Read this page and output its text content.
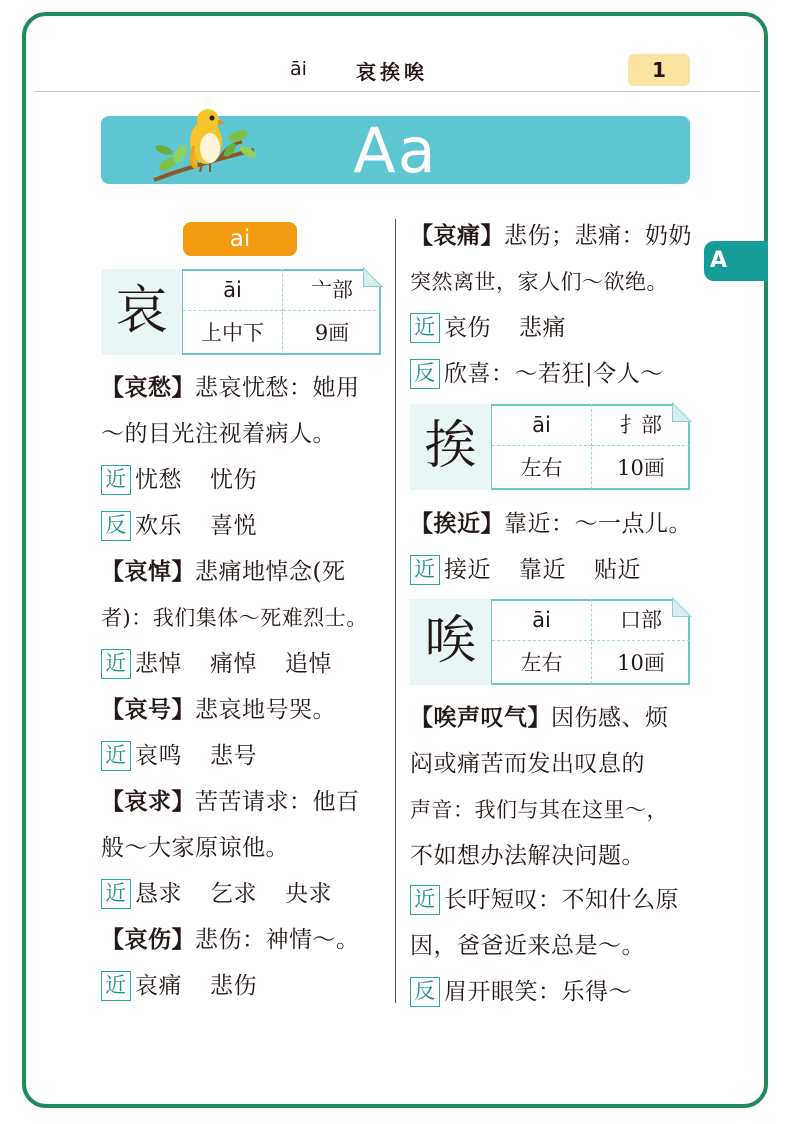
āi 哀挨唉	1
Aa
A
ai
哀	āi	亠部
上中下	9画
挨	āi	扌部
左右	10画
唉	āi	口部
左右	10画
【哀愁】悲哀忧愁：她用
～的目光注视着病人。
近 忧愁 忧伤
反 欢乐 喜悦
【哀悼】悲痛地悼念(死
者)：我们集体～死难烈士。
近 悲悼 痛悼 追悼
【哀号】悲哀地号哭。
近 哀鸣 悲号
【哀求】苦苦请求：他百
般～大家原谅他。
近 恳求 乞求 央求
【哀伤】悲伤：神情～。
近 哀痛 悲伤
【哀痛】悲伤；悲痛：奶奶
突然离世，家人们～欲绝。
近 哀伤 悲痛
反 欣喜：～若狂|令人～
【挨近】靠近：～一点儿。
近 接近 靠近 贴近
【唉声叹气】因伤感、烦
闷或痛苦而发出叹息的
声音：我们与其在这里～，
不如想办法解决问题。
近 长吁短叹：不知什么原
因，爸爸近来总是～。
反 眉开眼笑：乐得～
